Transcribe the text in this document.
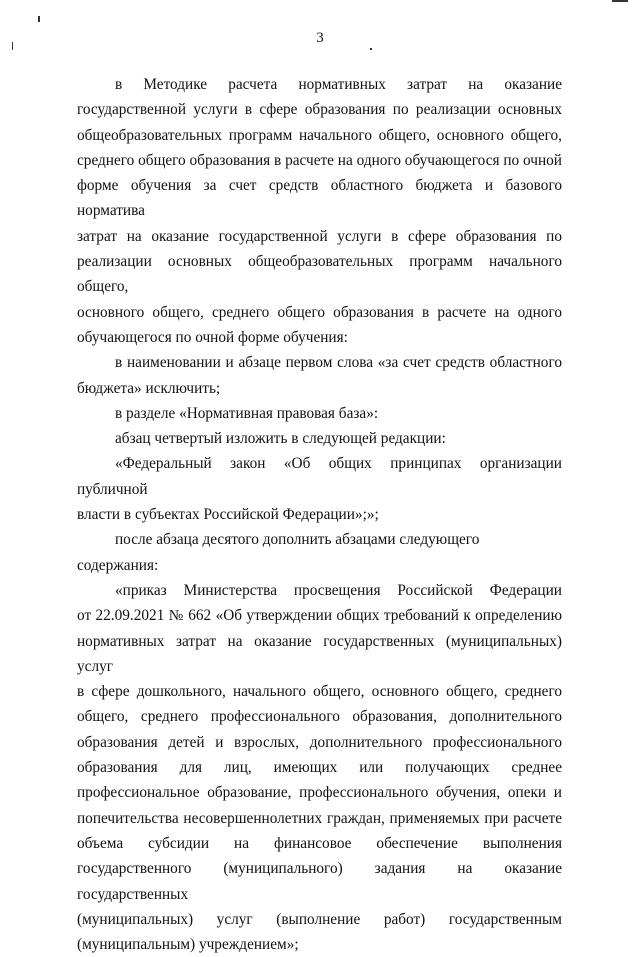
3

в Методике расчета нормативных затрат на оказание

государственной услуги в сфере образования по реализации основных

общеобразовательных программ начального общего, основного общего,

среднего общего образования в расчете на одного обучающегося по очной

форме обучения за счет средств областного бюджета и базового норматива

затрат на оказание государственной услуги в сфере образования по

реализации основных общеобразовательных программ начального общего,

основного общего, среднего общего образования в расчете на одного

обучающегося по очной форме обучения:

в наименовании и абзаце первом слова «за счет средств областного

бюджета» исключить;

в разделе «Нормативная правовая база»:

абзац четвертый изложить в следующей редакции:

«Федеральный закон «Об общих принципах организации публичной

власти в субъектах Российской Федерации»;»;

после абзаца десятого дополнить абзацами следующего содержания:

«приказ Министерства просвещения Российской Федерации

от 22.09.2021 № 662 «Об утверждении общих требований к определению

нормативных затрат на оказание государственных (муниципальных) услуг

в сфере дошкольного, начального общего, основного общего, среднего

общего, среднего профессионального образования, дополнительного

образования детей и взрослых, дополнительного профессионального

образования для лиц, имеющих или получающих среднее

профессиональное образование, профессионального обучения, опеки и

попечительства несовершеннолетних граждан, применяемых при расчете

объема субсидии на финансовое обеспечение выполнения

государственного (муниципального) задания на оказание государственных

(муниципальных) услуг (выполнение работ) государственным

(муниципальным) учреждением»;
